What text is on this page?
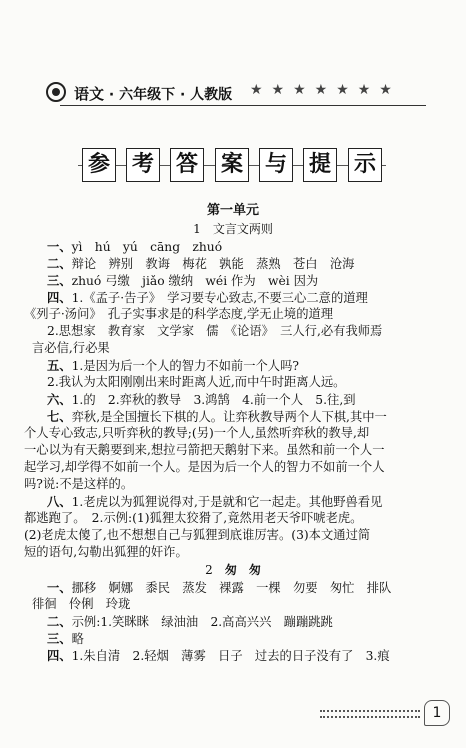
语文 · 六年级下 · 人教版 ★★★★★★★
参 考 答 案 与 提 示
第一单元
1 文言文两则
一、yì　hú　yú　cāng　zhuó
二、辩论　辨别　教诲　梅花　孰能　蒸熟　苍白　沧海
三、zhuó 弓缴　jiǎo 缴纳　wéi 作为　wèi 因为
四、1.《孟子·告子》　学习要专心致志,不要三心二意的道理
《列子·汤问》　孔子实事求是的科学态度,学无止境的道理
2.思想家　教育家　文学家　儒　《论语》　三人行,必有我师焉
言必信,行必果
五、1.是因为后一个人的智力不如前一个人吗?
2.我认为太阳刚刚出来时距离人近,而中午时距离人远。
六、1.的　2.弈秋的教导　3.鸿鹄　4.前一个人　5.往,到
七、弈秋,是全国擅长下棋的人。让弈秋教导两个人下棋,其中一
个人专心致志,只听弈秋的教导;(另)一个人,虽然听弈秋的教导,却
一心以为有天鹅要到来,想拉弓箭把天鹅射下来。虽然和前一个人一
起学习,却学得不如前一个人。是因为后一个人的智力不如前一个人
吗?说:不是这样的。
八、1.老虎以为狐狸说得对,于是就和它一起走。其他野兽看见
都逃跑了。　2.示例:(1)狐狸太狡猾了,竟然用老天爷吓唬老虎。
(2)老虎太傻了,也不想想自己与狐狸到底谁厉害。(3)本文通过简
短的语句,勾勒出狐狸的奸诈。
2 匆　匆
一、挪移　婀娜　黍民　蒸发　裸露　一棵　勿要　匆忙　排队
徘徊　伶俐　玲珑
二、示例:1.笑眯眯　绿油油　2.高高兴兴　蹦蹦跳跳
三、略
四、1.朱自清　2.轻烟　薄雾　日子　过去的日子没有了　3.痕
1
